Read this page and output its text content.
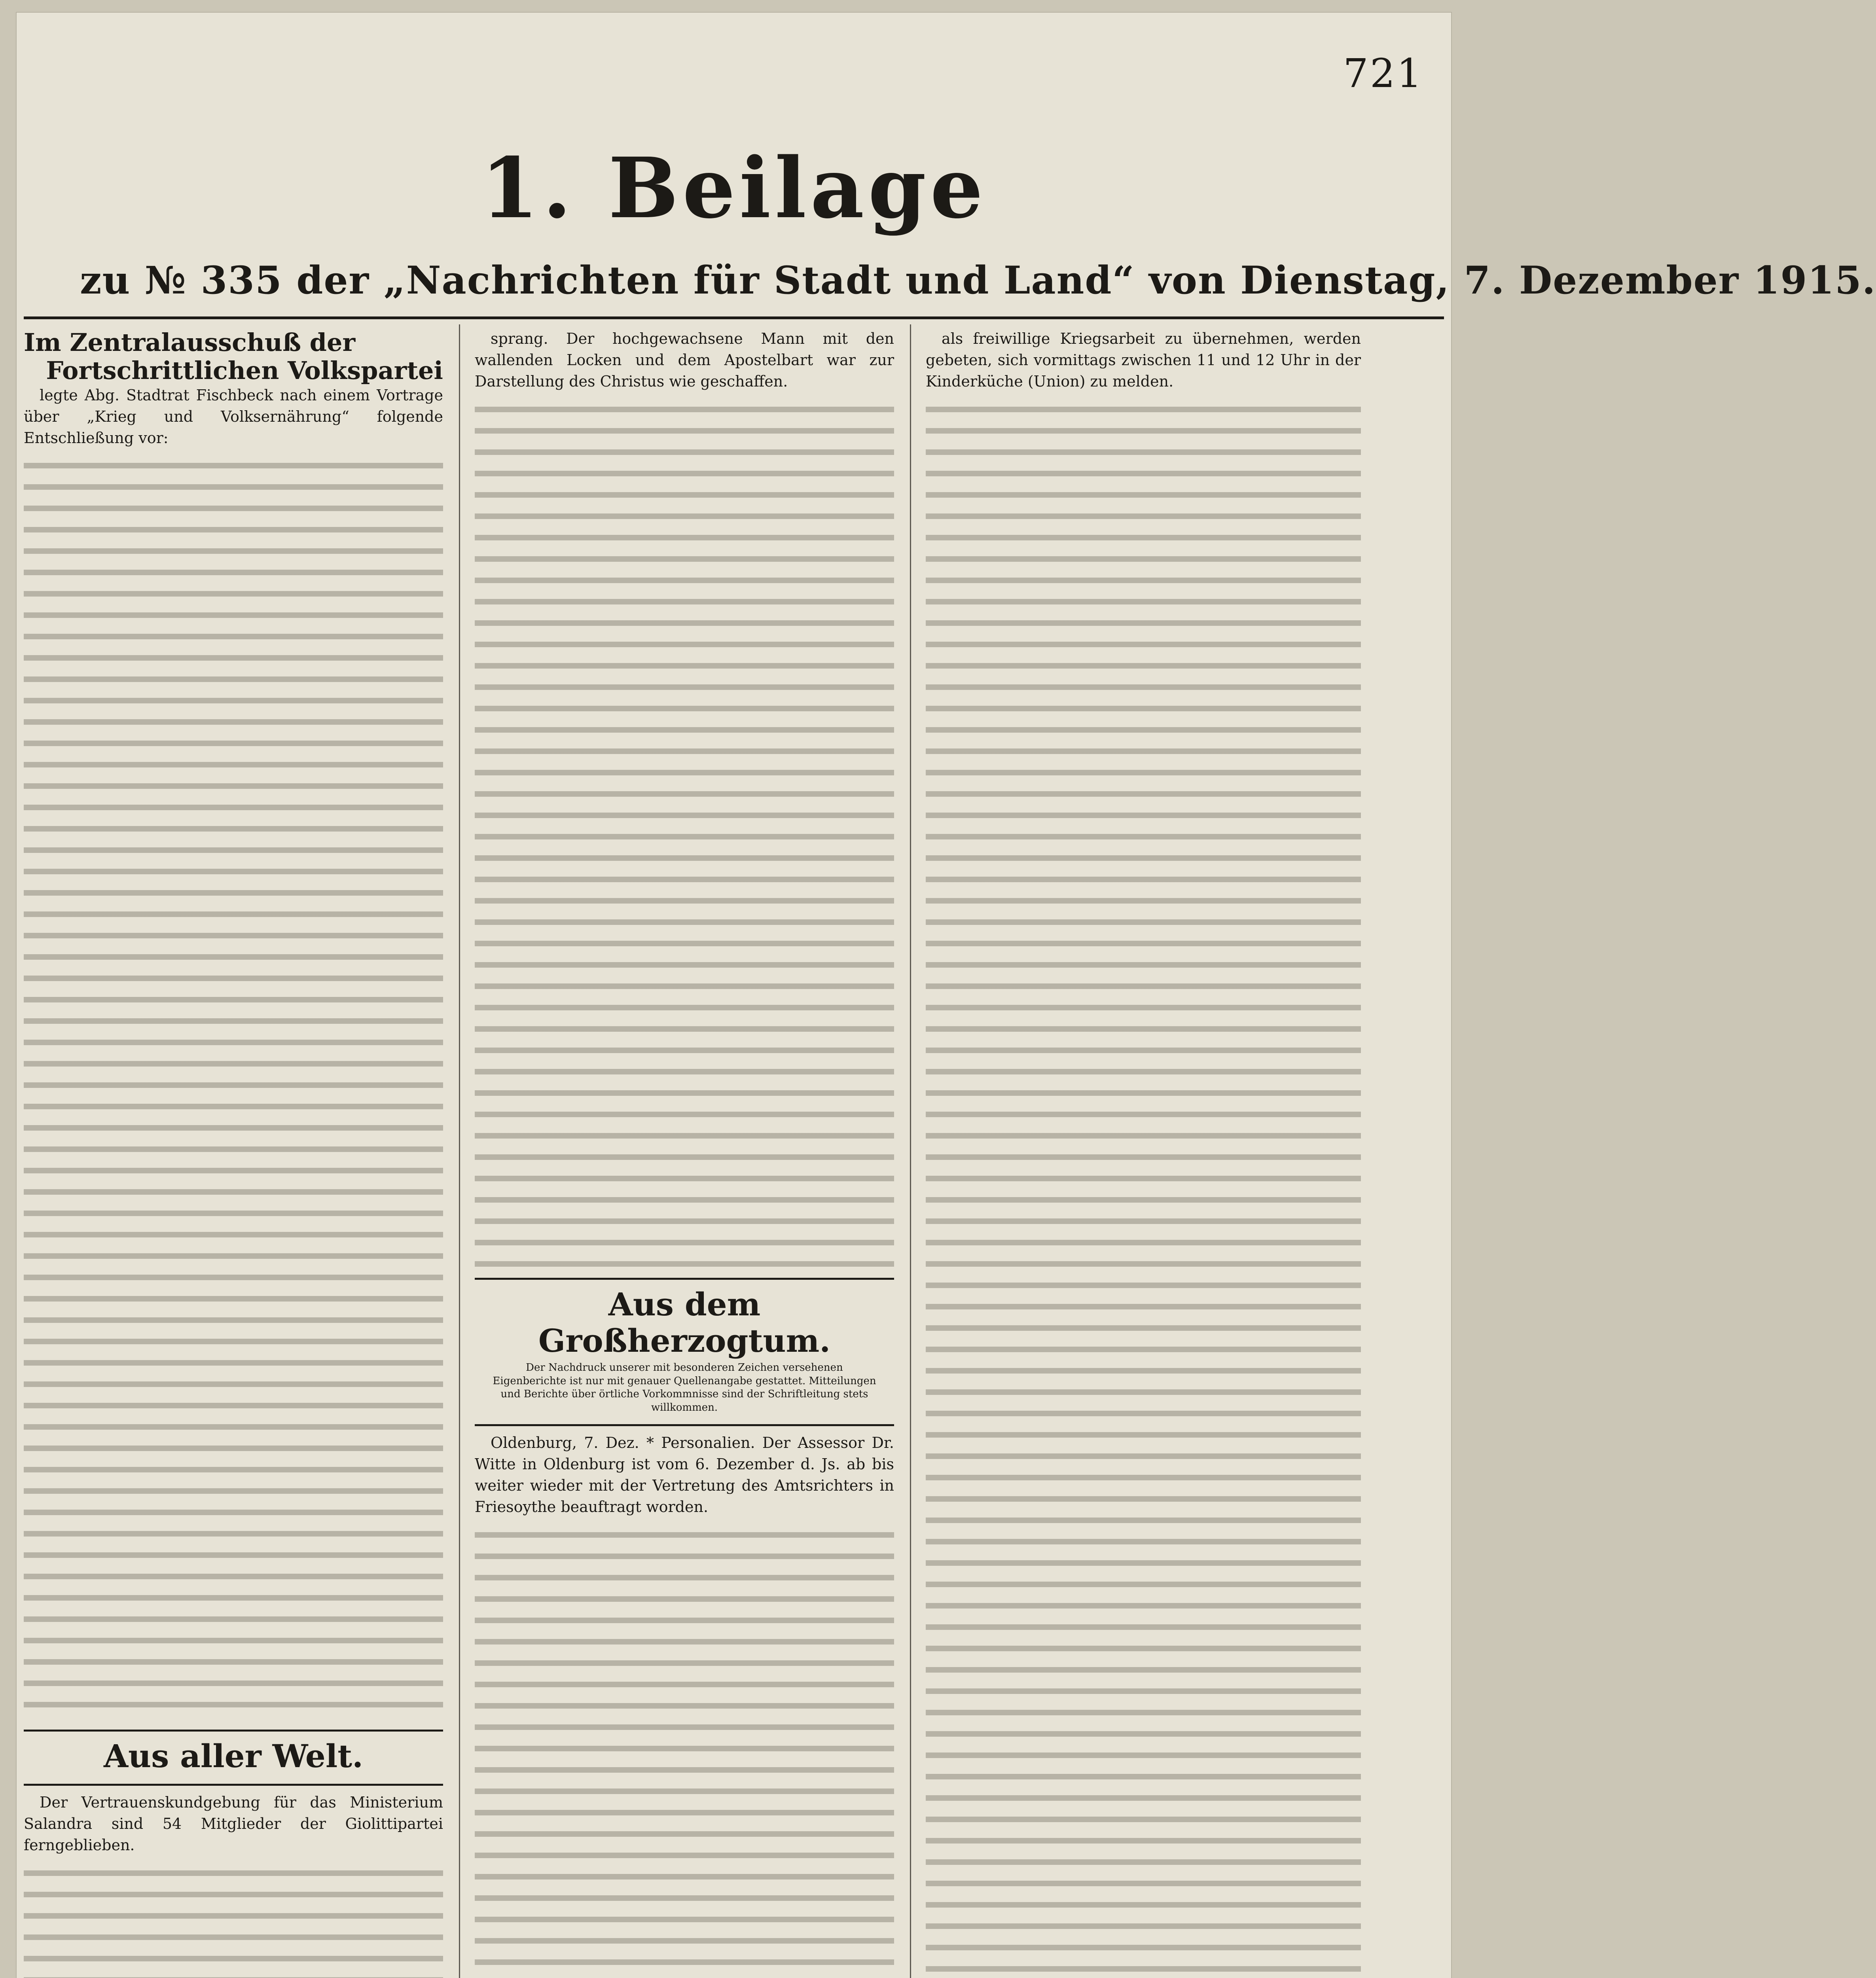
721
1. Beilage
zu № 335 der „Nachrichten für Stadt und Land“ von Dienstag, 7. Dezember 1915.
Im Zentralausschuß der
Fortschrittlichen Volkspartei
legte Abg. Stadtrat Fischbeck nach einem Vortrage über „Krieg und Volksernährung“ folgende Entschließung vor:
Aus aller Welt.
Der Vertrauenskundgebung für das Ministerium Salandra sind 54 Mitglieder der Giolittipartei ferngeblieben.
sprang. Der hochgewachsene Mann mit den wallenden Locken und dem Apostelbart war zur Darstellung des Christus wie geschaffen.
Aus dem Großherzogtum.
Der Nachdruck unserer mit besonderen Zeichen versehenen Eigenberichte ist nur mit genauer Quellenangabe gestattet. Mitteilungen und Berichte über örtliche Vorkommnisse sind der Schriftleitung stets willkommen.
Oldenburg, 7. Dez. * Personalien. Der Assessor Dr. Witte in Oldenburg ist vom 6. Dezember d. Js. ab bis weiter wieder mit der Vertretung des Amtsrichters in Friesoythe beauftragt worden.
als freiwillige Kriegsarbeit zu übernehmen, werden gebeten, sich vormittags zwischen 11 und 12 Uhr in der Kinderküche (Union) zu melden.
